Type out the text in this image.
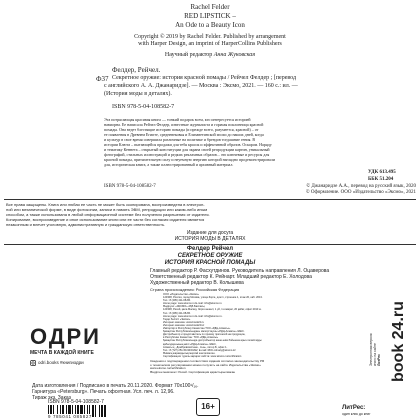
Rachel Felder
RED LIPSTICK –
An Ode to a Beauty Icon
Copyright © 2019 by Rachel Felder. Published by arrangement
with Harper Design, an imprint of HarperCollins Publishers
Научный редактор Анна Жуковская
Фелдер, Рейчел.
Ф37 Секретное оружие: история красной помады / Рейчел Фелдер ; [перевод
с английского А. А. Джанаридзе]. — Москва : Эксмо, 2021. — 160 с.: ил. —
(История моды в деталях).
ISBN 978-5-04-108582-7
Эта потрясающая красивая книга — тонкий подарок всем, кто интересуется историей
навиорна. Ее написала Рейчел Фелдер, известные журналиста и горячая поклонница красной
помады. Она ведет блестящие историю помады (и прежде всего, разумеется, красной) – от
ее появления в Древнем Египте, средневековья и Елизаветинской эпохи до наших дней, когда
и культур в свое время совершила различные на политике и брендов тогдашние гения. В
истории Клюта – пытающейся продажи для тебя красок и эффективной образов. Оскаром. Наряду
и тематику Кеннета – открытый конституции для экрана своей репродукции картин, уникальный
фотографий, стильных иллюстраций и редких рекламных образов... это ключевые и ресурсы для
красной помады, притягательную силу и неуемную энергию которой наглядно продемонстрировали
для, историческая книга, а также иллюстрированный и архивный материал.
УДК 613.495
ББК 51.204
ISBN 978-5-04-108582-7	© Джанаридзе А.А., перевод на русский язык, 2020
© Оформление. ООО «Издательство «Эксмо», 2021
Все права защищены. Книга или любая ее часть не может быть скопирована, воспроизведена в электрон-
ной или механической форме, в виде фотокопии, записи в память ЭВМ, репродукции или каким-либо иным
способом, а также использована в любой информационной системе без получения разрешения от издателя.
Копирование, воспроизведение и иное использование книги или ее части без согласия издателя является
незаконным и влечет уголовную, административную и гражданскую ответственность.
Издание для досуга
ИСТОРИЯ МОДЫ В ДЕТАЛЯХ
Фелдер Рейчел
СЕКРЕТНОЕ ОРУЖИЕ
ИСТОРИЯ КРАСНОЙ ПОМАДЫ
Главный редактор Р. Фасхутдинов. Руководитель направления Л. Оцаверова
Ответственный редактор К. Рейнарт. Младший редактор Е. Холодова
Художественный редактор В. Колышева
Страна происхождения: Российская Федерация
ООО «Издательство «Эксмо»
123308, Россия, город Москва, улица Зорге, дом 1, строение 1, этаж 20, каб. 2013.
Тел.: 8 (495) 411-68-86.
Home page: www.eksmo.ru E-mail: info@eksmo.ru
Өндіруші: «ЭКСМО» АҚБ Баспасы,
123308, Ресей, қала Мәскеу, Зорге көшесі, 1 үй, 1 ғимарат, 20 қабат, офис 2013 ж.
Тел.: 8 (495) 411-68-86.
Home page: www.eksmo.ru E-mail: info@eksmo.ru.
Тауар белгісі: «Эксмо»
Интернет-магазин: www.book24.ru
Интернет-магазин: www.book24.kz
Импортёр в Республику Казахстан ТОО «РДЦ-Алматы».
Қазақстан Республикасындағы импорттаушы «РДЦ-Алматы» ЖШС.
Дистрибьютор и представитель по приему претензий на продукцию,
в Республике Казахстан: ТОО «РДЦ-Алматы»
Қазақстан Республикасында дистрибьютор және өнім бойынша арыз-талаптарды
қабылдаушының өкілі «РДЦ-Алматы» ЖШС,
Алматы қ., Домбровский көш., 3«а», литер Б, офис 1.
Тел.: 8 (727) 251-59-90/91/92; E-mail: RDC-Almaty@eksmo.kz
Өнімнің жарамдылық мерзімі шектелмеген.
Сертификация туралы ақпарат сайтта: www.eksmo.ru/certification
Сведения о подтверждении соответствия издания согласно законодательству РФ
о техническом регулировании можно получить на сайте Издательства «Эксмо»
www.eksmo.ru/certification
Өндірген мемлекет: Ресей. Сертификация қарастырылмаған
ОДРИ
МЕЧТА В КАЖДОЙ КНИГЕ
odri.books #книгиодри	Электронная версия книги на сайте ЛитРес book 24.ru
Дата изготовления / Подписано в печать 20.11.2020. Формат 70x100¹/₁₆.
Гарнитура «Petersburg». Печать офсетная. Усл. печ. л. 12,96.
Тираж экз. Заказ
ISBN 978-5-04-108582-7
9 785041 085827
16+	ЛитРес:
один клик до книг
